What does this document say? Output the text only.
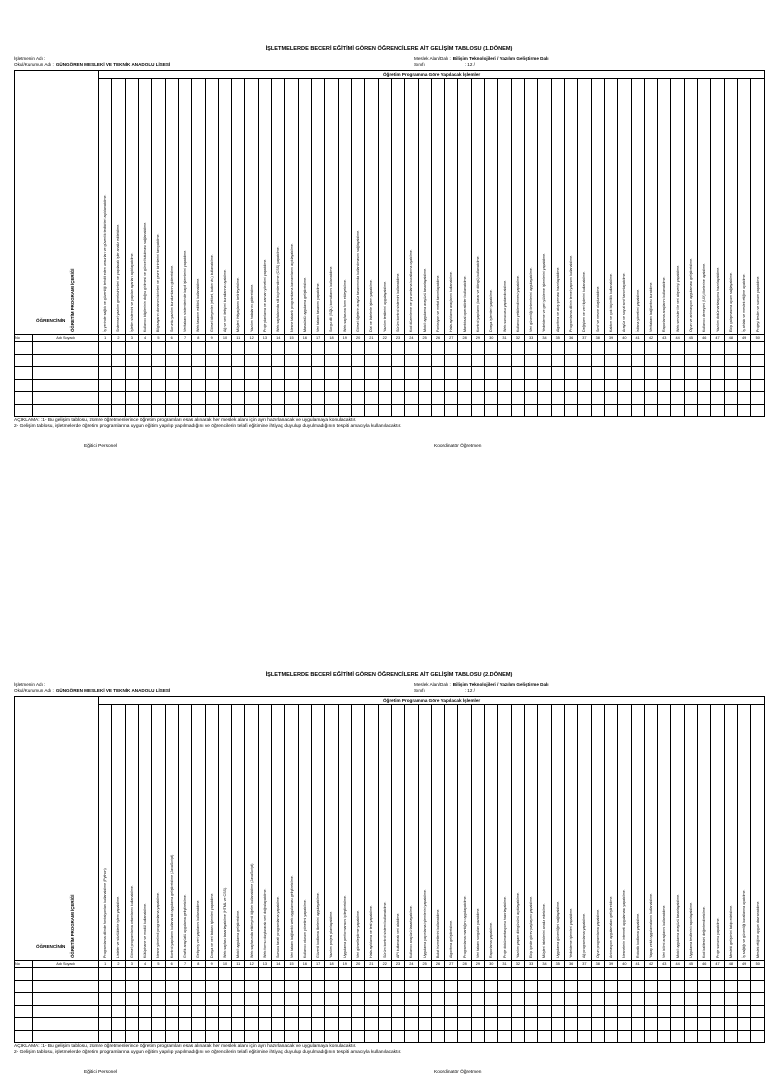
İŞLETMELERDE BECERİ EĞİTİMİ GÖREN ÖĞRENCİLERE AİT GELİŞİM TABLOSU (1.DÖNEM)
İşletmenin Adı :
Okul/Kurumun Adı : GÜNGÖREN MESLEKİ VE TEKNİK ANADOLU LİSESİ
Meslek Alan/Dalı : Bilişim Teknolojileri / Yazılım Geliştirme Dalı
Sınıfı	: 12 /
ÖĞRETİM PROGRAMI İÇERİĞİ		Öğretim Programına Göre Yapılacak İşlemler																																																	

		İş yerinde sağlık ve güvenliği tehdit eden unsurları ve güvenlik tedbirleri açıklanabilme.	Sistemsel yazılım gereksinimleri ve yapılacak işler analiz edilebilme.	İşletim sistemini ve yapılan ayarları açıklayabilme.	Kullanıcı bilgilerinin doğru girilmesi ve güncel tutulması sağlanabilme.	Bilgisayarın donanım birimleri ve çevre birimlerini tanıyabilme.	Sorunlu yazılım kurulumlarını giderebilme.	Veritabanı sistemlerinde kayıt işlemlerini yapabilme.	Web tasarım editörü kullanabilme.	Görsel bileşenler (etiket, buton vb.) kullanabilme.	Ağ ve veri iletişimi kurallarına uyabilme.	Müşteri ihtiyaçlarını belirleyebilme.	Yazılım hatalarını giderebilme.	Proje planlama ve zaman yönetimi yapabilme.	Web sayfalarında stil biçimlendirme (CSS) yapabilme.	Nesne tabanlı programlama kavramlarını açıklayabilme.	Masaüstü uygulama geliştirebilme.	Veri tabanı tasarımı yapabilme.	Sorgu dili (SQL) komutlarını kullanabilme.	Web sayfasına form ekleyebilme.	Görsel öğelerin arayüz tasarımında kullanılmasını sağlayabilme.	Dizi ve listelerle işlem yapabilme.	Yazılım testlerini uygulayabilme.	Sürüm kontrol sistemini kullanabilme.	Kod düzenleme ve yorumlama kurallarına uyabilme.	Mobil uygulama arayüzü tasarlayabilme.	Fonksiyon ve metot tanımlayabilme.	Hata ayıklama araçlarını kullanabilme.	Mantıksal operatörleri kullanabilme.	Kontrol yapılarını (karar ve döngü) kullanabilme.	Dosya işlemleri yapabilme.	Web sunucusu yapılandırabilme.	Kullanıcı yetkilendirmesi yapabilme.	Veri güvenliği önlemlerini uygulayabilme.	Yedekleme ve geri yükleme işlemlerini yapabilme.	Algoritma ve akış şeması hazırlayabilme.	Programlama dilinin temel yapısını kullanabilme.	Değişken ve veri tiplerini kullanabilme.	Sınıf ve nesne oluşturabilme.	Kalıtım ve çok biçimlilik kullanabilme.	Arayüz ve soyut sınıf tanımlayabilme.	İstisna yönetimi yapabilme.	Veritabanı bağlantısı kurabilme.	Raporlama araçlarını kullanabilme.	Web servisleri ile veri alışverişi yapabilme.	Oyun ve animasyon uygulaması geliştirebilme.	Kullanıcı deneyimi (UX) ilkelerine uyabilme.	Yazılım dokümantasyonu hazırlayabilme.	Ekip çalışmasına uyum sağlayabilme.	İş ahlakı ve meslek etiğine uyabilme.	Projeyi teslim ve sunum yapabilme.

No	Adı Soyadı	1	2	3	4	5	6	7	8	9	10	11	12	13	14	15	16	17	18	19	20	21	22	23	24	25	26	27	28	29	30	31	32	33	34	35	36	37	38	39	40	41	42	43	44	45	46	47	48	49	50

ÖĞRENCİNİN
AÇIKLAMA: :1- Bu gelişim tablosu, zümre öğretmenlerince öğretim programları esas alınarak her meslek alanı için ayrı hazırlanacak ve uygulamaya konulacaktır.
2- Gelişim tablosu, işletmelerde öğretim programlarına uygun eğitim yapılıp yapılmadığını ve öğrencilerin telafi eğitimine ihtiyaç duyulup duyulmadığının tespiti amacıyla kullanılacaktır.
Eğitici Personel	Koordinatör Öğretmen
İŞLETMELERDE BECERİ EĞİTİMİ GÖREN ÖĞRENCİLERE AİT GELİŞİM TABLOSU (2.DÖNEM)
İşletmenin Adı :
Okul/Kurumun Adı : GÜNGÖREN MESLEKİ VE TEKNİK ANADOLU LİSESİ
Meslek Alan/Dalı : Bilişim Teknolojileri / Yazılım Geliştirme Dalı
Sınıfı	: 12 /
ÖĞRETİM PROGRAMI İÇERİĞİ		Öğretim Programına Göre Yapılacak İşlemler																																																	

		Programlama dilinde fonksiyonları kullanabilme (Python)	Listeler ve sözlüklerle işlem yapabilme.	Görsel programlama ortamlarını kullanabilme.	Kütüphane ve modül kullanabilme.	Nesne yönelimli programlama yapabilme.	Kontrol yapılarını kullanarak uygulama geliştirebilme (JavaScript)	Grafik arayüzlü uygulama geliştirebilme.	Gelişmiş veri yapılarını kullanabilme.	Dosya ve veri tabanı işlemleri yapabilme.	Web sayfası tasarlayabilme (HTML ve CSS).	Mobil uygulama geliştirebilme.	Web sayfasında etkileşimli öğeler kullanabilme (JavaScript)	Web formu oluşturarak veri doğrulayabilme.	Sunucu tarafı programlama yapabilme.	Veri tabanı bağlantılı web uygulaması geliştirebilme.	Kullanıcı oturum yönetimi yapabilme.	Güvenli kodlama ilkelerini uygulayabilme.	Yazılım projesi planlayabilme.	Uygulama performansını iyileştirebilme.	Veri görselleştirme yapabilme.	Hata ayıklama ve test yapabilme.	Sürüm kontrol sistemi kullanabilme.	API kullanarak veri alabilme.	Kullanıcı arayüzü tasarlayabilme.	Uygulama yayınlama işlemlerini yapabilme.	Bulut hizmetlerini kullanabilme.	Algoritma geliştirebilme.	Programlama mantığını uygulayabilme.	Veri tabanı sorguları yazabilme.	Raporlama yapabilme.	Proje dokümantasyonu hazırlayabilme.	Yazılım yaşam döngüsünü açıklayabilme.	Ekip içinde görev paylaşımı yapabilme.	Müşteri isteklerini analiz edebilme.	Uygulama güvenliğini sağlayabilme.	Yedekleme işlemleri yapabilme.	Ağ programlama yapabilme.	Oyun programlama yapabilme.	Animasyon uygulamaları geliştirebilme.	Nesnelerin interneti uygulaması yapabilme.	Robotik kodlama yapabilme.	Yapay zekâ uygulamalarını kullanabilme.	Veri bilimi araçlarını kullanabilme.	Mobil uygulama arayüzü tasarlayabilme.	Uygulama testlerini raporlayabilme.	Kod kalitesini değerlendirebilme.	Proje sunumu yapabilme.	Mesleki gelişimini takip edebilme.	İş sağlığı ve güvenliği kurallarına uyabilme.	Meslek etiğine uygun davranabilme.

No	Adı Soyadı	1	2	3	4	5	6	7	8	9	10	11	12	13	14	15	16	17	18	19	20	21	22	23	24	25	26	27	28	29	30	31	32	33	34	35	36	37	38	39	40	41	42	43	44	45	46	47	48	49	50

ÖĞRENCİNİN
AÇIKLAMA: :1- Bu gelişim tablosu, zümre öğretmenlerince öğretim programları esas alınarak her meslek alanı için ayrı hazırlanacak ve uygulamaya konulacaktır.
2- Gelişim tablosu, işletmelerde öğretim programlarına uygun eğitim yapılıp yapılmadığını ve öğrencilerin telafi eğitimine ihtiyaç duyulup duyulmadığının tespiti amacıyla kullanılacaktır.
Eğitici Personel	Koordinatör Öğretmen
